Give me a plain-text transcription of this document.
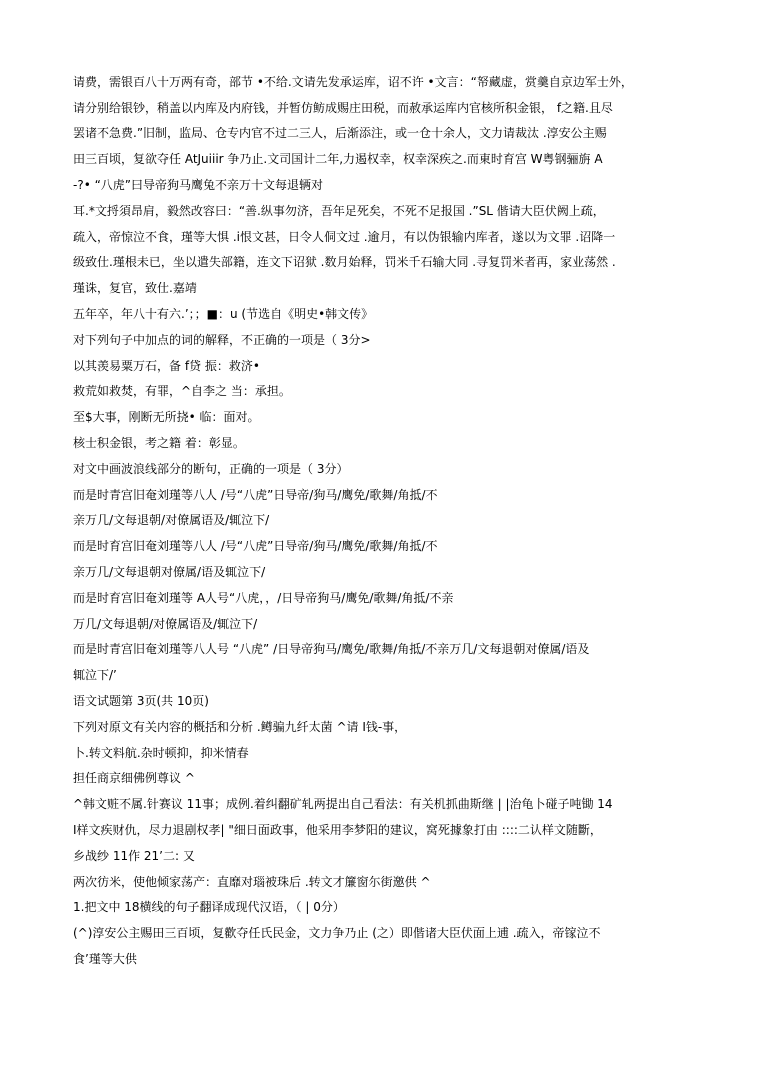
请费，需银百八十万两有奇，部节 •不给.文请先发承运库，诏不许 •文言：“帑藏虚，赏羹自京边军士外，
请分别给银钞，稍盖以内库及内府钱，并暂仿鲂成赐庄田税，而赦承运库内官核所积金银， f之籍.且尽
罢诸不急费.”旧制，监局、仓专内官不过二三人，后渐添注，或一仓十余人，文力请裁汰 .淳安公主赐
田三百顷，复欲夺任 AtJuiiir 争乃止.文司国计二年,力遏权幸，权幸深疾之.而東时育宫 W粤钢骊旃 A
-?• “八虎”曰导帝狗马鹰兔不亲万十文每退辆对
耳.*文捋須昂肩，毅然改容曰：“善.纵事勿济，吾年足死矣，不死不足报国 .”SL 偕请大臣伏阙上疏，
疏入，帝惊泣不食，瑾等大惧 .i恨文甚，日令人侗文过 .逾月，有以伪银输内库者，遂以为文罪 .诏降一
级致仕.瑾根未已，坐以遣失部籍，连文下诏狱 .数月始释，罚米千石输大同 .寻复罚米者再，家业荡然 .
瑾诛，复官，致仕.嘉靖
五年卒，年八十有六.’；；■：u (节选自《明史•韩文传》
对下列句子中加点的词的解释，不正确的一项是（ 3分>
以其羡易粟万石，备 f贷 振：救济•
救荒如救焚，有罪，^自李之 当：承担。
至$大事，刚断无所挠• 临：面对。
核士积金银，考之籍 着：彰显。
对文中画波浪线部分的断句，正确的一项是（ 3分）
而是时青宫旧奄刘瑾等八人 /号“八虎”日导帝/狗马/鹰免/歌舞/角抵/不
亲万几/文每退朝/对僚属语及/辄泣下/
而是时育宫旧奄刘瑾等八人 /号“八虎”日导帝/狗马/鹰免/歌舞/角抵/不
亲万几/文每退朝对僚属/语及辄泣下/
而是时育宫旧奄刘瑾等 A人号“八虎，，/日导帝狗马/鹰免/歌舞/角抵/不亲
万几/文每退朝/对僚属语及/辄泣下/
而是时青宫旧奄刘瑾等八人号 “八虎” /日导帝狗马/鹰免/歌舞/角抵/不亲万几/文每退朝对僚属/语及
辄泣下/’
语文试题第 3页(共 10页)
下列对原文有关内容的概括和分析 .鳟骗九纤太菌 ^请 I钱-事，
卜.转文料航.杂时顿抑，抑米情春
担任商京细佛例尊议 ^
^韩文赃不属.针赛议 11事；成例.着纠翻矿轧两提出自己看法：有关机抓曲斯继 | |治龟卜碰子吨锄 14
I样文疾财仇，尽力退剧权孝| "细日面政事，他采用李梦阳的建议，窝死據象打由 ::::二认样文随斷，
乡战纱 11作 21’二: 又
两次彷米，使他倾家荡产：直靡对瑙被珠后 .转文才簾窗尓街邀供 ^
1.把文中 18横线的句子翻译成现代汉语，（ | 0分）
(^)淳安公主赐田三百顷，复歡夺任氏民金，文力争乃止 (之）即偕诸大臣伏面上逋 .疏入，帝镓泣不
食’瑾等大供
